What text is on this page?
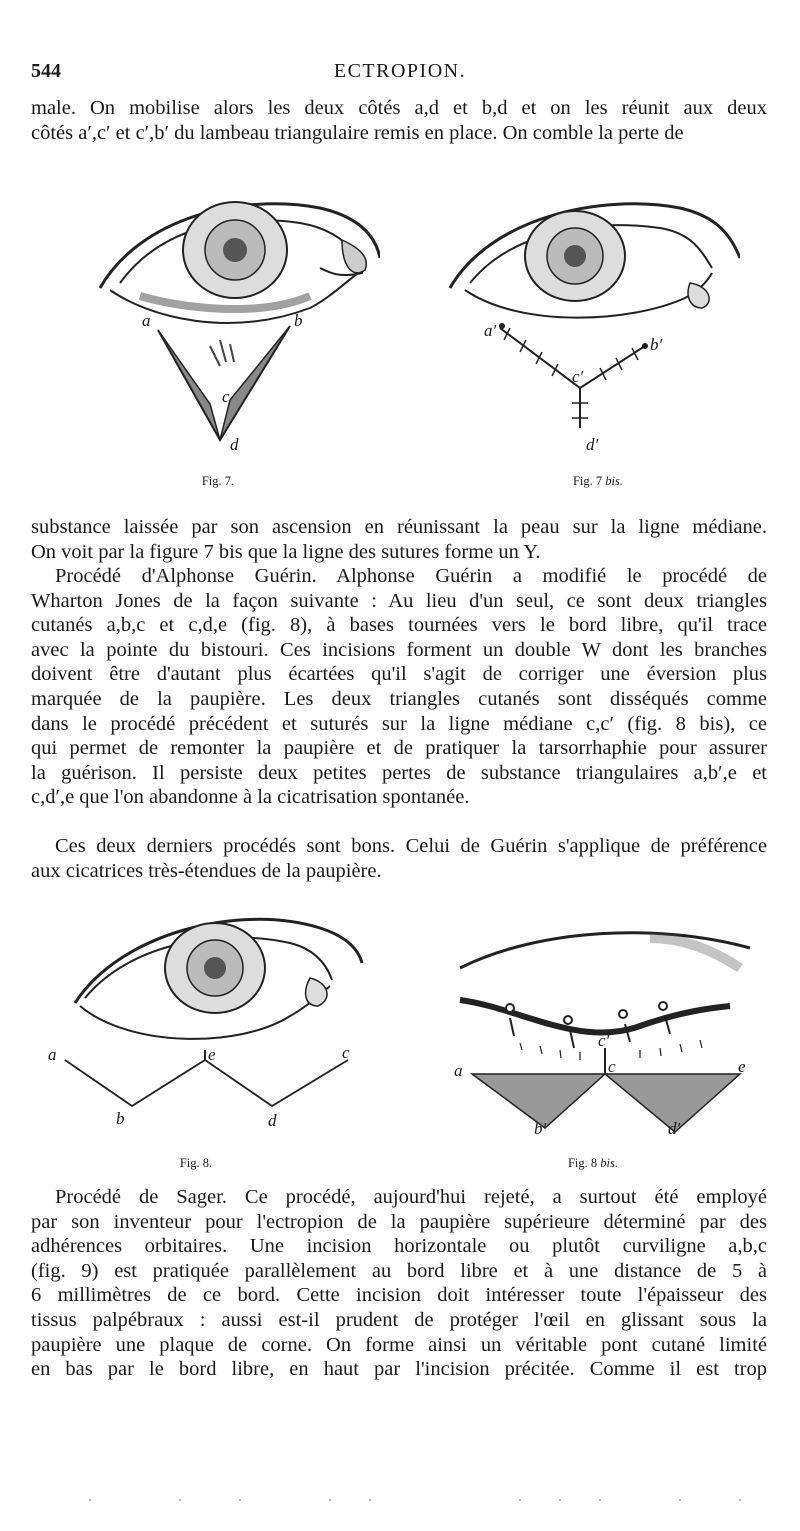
544	ECTROPION.
male. On mobilise alors les deux côtés a,d et b,d et on les réunit aux deux
côtés a′,c′ et c′,b′ du lambeau triangulaire remis en place. On comble la perte de
a	b
c
d
Fig. 7.
a′
b′
c′
d′
Fig. 7 bis.
substance laissée par son ascension en réunissant la peau sur la ligne médiane.
On voit par la figure 7 bis que la ligne des sutures forme un Y.
Procédé d'Alphonse Guérin. Alphonse Guérin a modifié le procédé de
Wharton Jones de la façon suivante : Au lieu d'un seul, ce sont deux triangles
cutanés a,b,c et c,d,e (fig. 8), à bases tournées vers le bord libre, qu'il trace
avec la pointe du bistouri. Ces incisions forment un double W dont les branches
doivent être d'autant plus écartées qu'il s'agit de corriger une éversion plus
marquée de la paupière. Les deux triangles cutanés sont disséqués comme
dans le procédé précédent et suturés sur la ligne médiane c,c′ (fig. 8 bis), ce
qui permet de remonter la paupière et de pratiquer la tarsorrhaphie pour assurer
la guérison. Il persiste deux petites pertes de substance triangulaires a,b′,e et
c,d′,e que l'on abandonne à la cicatrisation spontanée.
Ces deux derniers procédés sont bons. Celui de Guérin s'applique de préférence
aux cicatrices très-étendues de la paupière.
a	e	c
b	d
Fig. 8.
a
c′
c	e
b′	d′
Fig. 8 bis.
Procédé de Sager. Ce procédé, aujourd'hui rejeté, a surtout été employé
par son inventeur pour l'ectropion de la paupière supérieure déterminé par des
adhérences orbitaires. Une incision horizontale ou plutôt curviligne a,b,c
(fig. 9) est pratiquée parallèlement au bord libre et à une distance de 5 à
6 millimètres de ce bord. Cette incision doit intéresser toute l'épaisseur des
tissus palpébraux : aussi est-il prudent de protéger l'œil en glissant sous la
paupière une plaque de corne. On forme ainsi un véritable pont cutané limité
en bas par le bord libre, en haut par l'incision précitée. Comme il est trop
